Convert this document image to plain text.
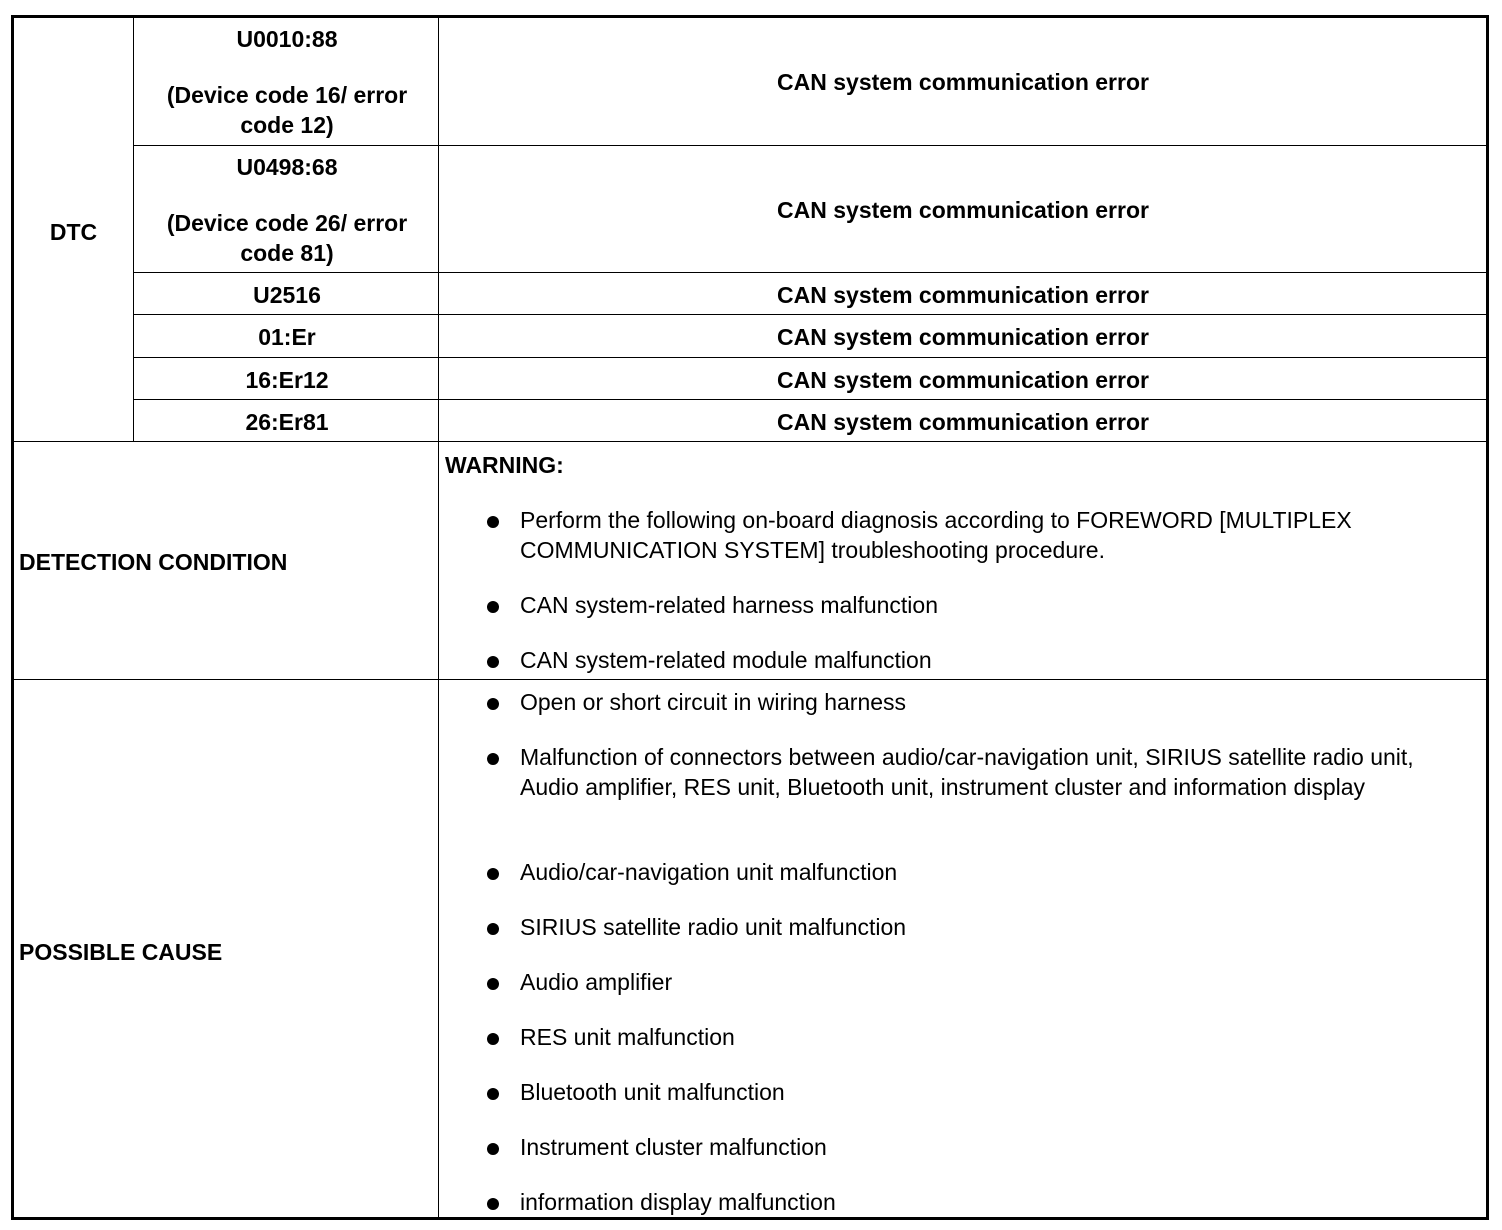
DTC
U0010:88
(Device code 16/ error
code 12)
U0498:68
(Device code 26/ error
code 81)
U2516
01:Er
16:Er12
26:Er81
CAN system communication error
CAN system communication error
CAN system communication error
CAN system communication error
CAN system communication error
CAN system communication error
DETECTION CONDITION
WARNING:
Perform the following on-board diagnosis according to FOREWORD [MULTIPLEX COMMUNICATION SYSTEM] troubleshooting procedure.
CAN system-related harness malfunction
CAN system-related module malfunction
POSSIBLE CAUSE
Open or short circuit in wiring harness
Malfunction of connectors between audio/car-navigation unit, SIRIUS satellite radio unit, Audio amplifier, RES unit, Bluetooth unit, instrument cluster and information display
Audio/car-navigation unit malfunction
SIRIUS satellite radio unit malfunction
Audio amplifier
RES unit malfunction
Bluetooth unit malfunction
Instrument cluster malfunction
information display malfunction
